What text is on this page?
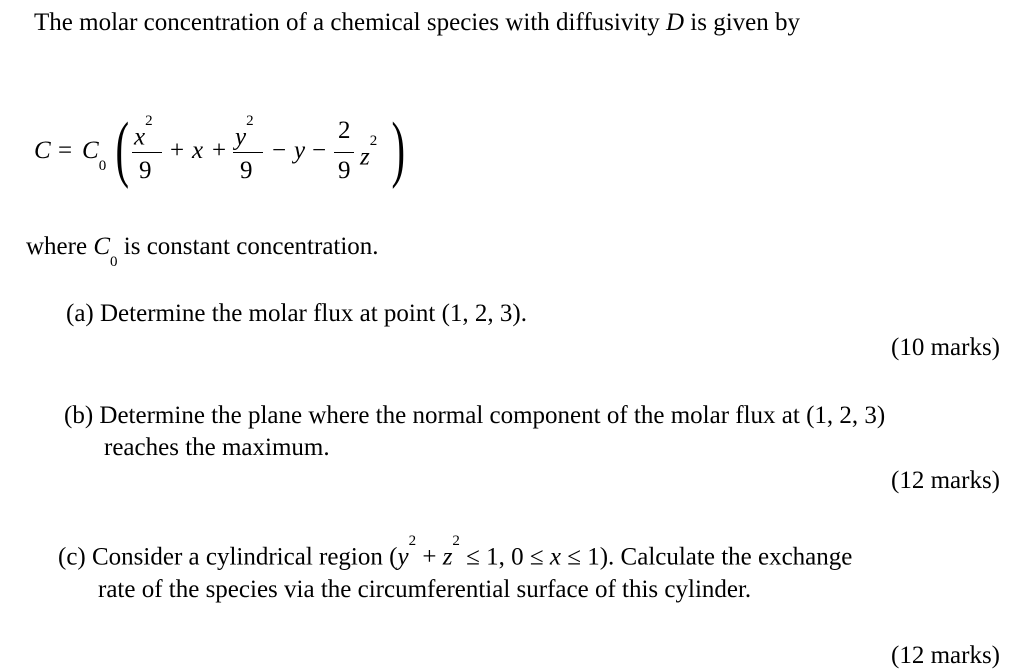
The molar concentration of a chemical species with diffusivity D is given by
$C = C_0$ ( $x^2$
9
+ x +
$y^2$
9
− y −
2
9
$z^2$ )
where $C_0$ is constant concentration.
(a) Determine the molar flux at point (1, 2, 3).
(10 marks)
(b) Determine the plane where the normal component of the molar flux at (1, 2, 3)
reaches the maximum.
(12 marks)
(c) Consider a cylindrical region ($y^2 + z^2 \le 1$, 0 ≤ x ≤ 1). Calculate the exchange
rate of the species via the circumferential surface of this cylinder.
(12 marks)
